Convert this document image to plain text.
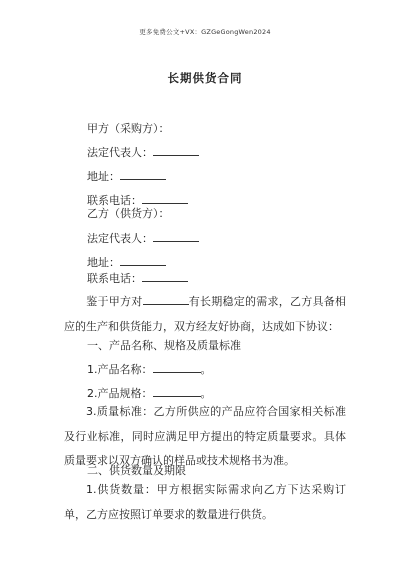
更多免费公文+VX：GZGeGongWen2024
长期供货合同
甲方（采购方）：
法定代表人：
地址：
联系电话：
乙方（供货方）：
法定代表人：
地址：
联系电话：
鉴于甲方对	有长期稳定的需求，乙方具备相应的生产和供货能力，双方经友好协商，达成如下协议：
一、产品名称、规格及质量标准
1.产品名称：	。
2.产品规格：	。
3.质量标准：乙方所供应的产品应符合国家相关标准及行业标准，同时应满足甲方提出的特定质量要求。具体质量要求以双方确认的样品或技术规格书为准。
二、供货数量及期限
1.供货数量：甲方根据实际需求向乙方下达采购订单，乙方应按照订单要求的数量进行供货。
